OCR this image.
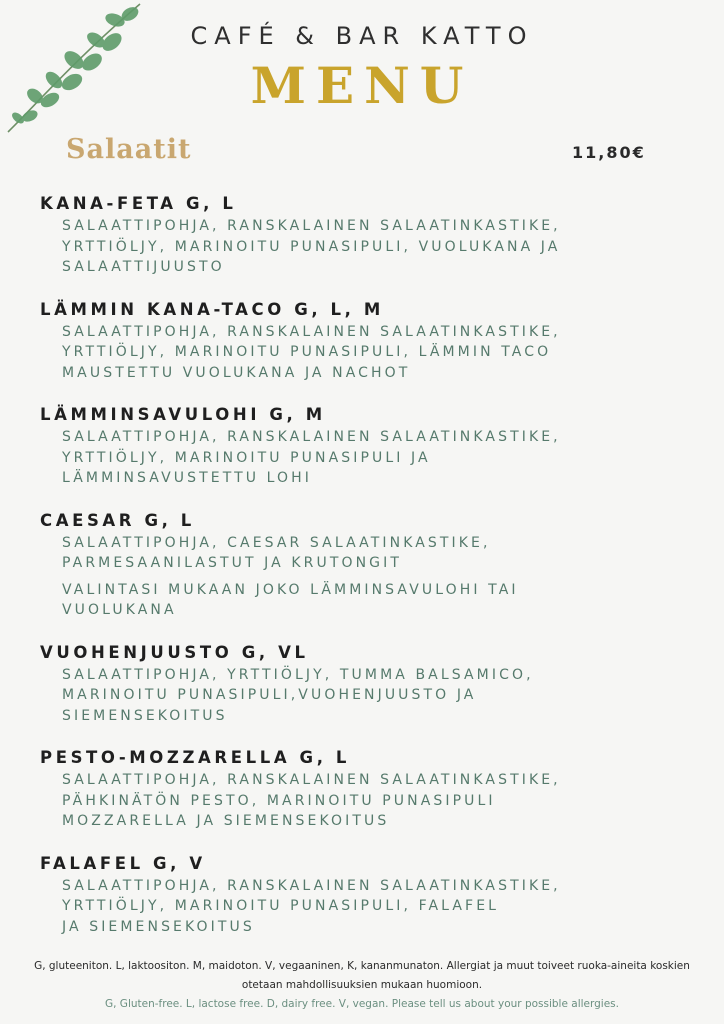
CAFÉ & BAR KATTO
MENU
Salaatit	11,80€
KANA-FETA G, L
SALAATTIPOHJA, RANSKALAINEN SALAATINKASTIKE,
YRTTIÖLJY, MARINOITU PUNASIPULI, VUOLUKANA JA
SALAATTIJUUSTO
LÄMMIN KANA-TACO G, L, M
SALAATTIPOHJA, RANSKALAINEN SALAATINKASTIKE,
YRTTIÖLJY, MARINOITU PUNASIPULI, LÄMMIN TACO
MAUSTETTU VUOLUKANA JA NACHOT
LÄMMINSAVULOHI G, M
SALAATTIPOHJA, RANSKALAINEN SALAATINKASTIKE,
YRTTIÖLJY, MARINOITU PUNASIPULI JA
LÄMMINSAVUSTETTU LOHI
CAESAR G, L
SALAATTIPOHJA, CAESAR SALAATINKASTIKE,
PARMESAANILASTUT JA KRUTONGIT
VALINTASI MUKAAN JOKO LÄMMINSAVULOHI TAI
VUOLUKANA
VUOHENJUUSTO G, VL
SALAATTIPOHJA, YRTTIÖLJY, TUMMA BALSAMICO,
MARINOITU PUNASIPULI,VUOHENJUUSTO JA
SIEMENSEKOITUS
PESTO-MOZZARELLA G, L
SALAATTIPOHJA, RANSKALAINEN SALAATINKASTIKE,
PÄHKINÄTÖN PESTO, MARINOITU PUNASIPULI
MOZZARELLA JA SIEMENSEKOITUS
FALAFEL G, V
SALAATTIPOHJA, RANSKALAINEN SALAATINKASTIKE,
YRTTIÖLJY, MARINOITU PUNASIPULI, FALAFEL
JA SIEMENSEKOITUS
G, gluteeniton. L, laktoositon. M, maidoton. V, vegaaninen, K, kananmunaton. Allergiat ja muut toiveet ruoka-aineita koskien
otetaan mahdollisuuksien mukaan huomioon.
G, Gluten-free. L, lactose free. D, dairy free. V, vegan. Please tell us about your possible allergies.
